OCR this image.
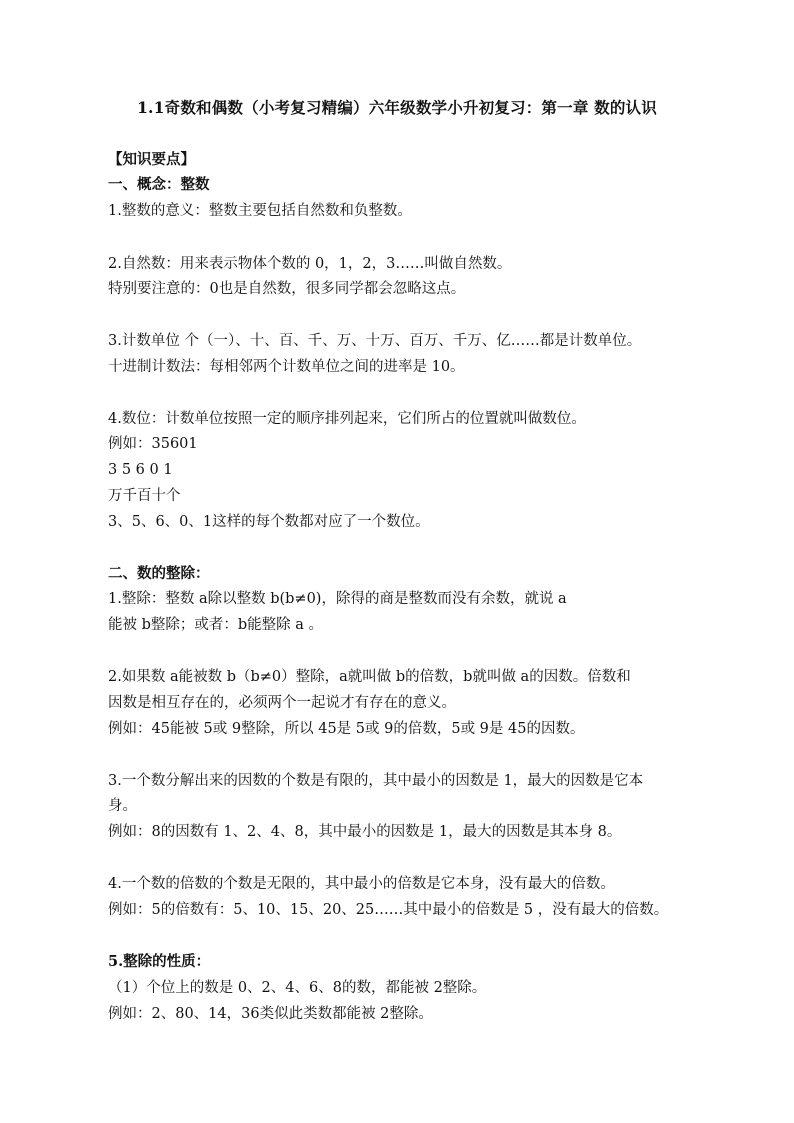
1.1奇数和偶数（小考复习精编）六年级数学小升初复习：第一章 数的认识
【知识要点】
一、概念：整数
1.整数的意义：整数主要包括自然数和负整数。
2.自然数：用来表示物体个数的 0，1，2，3……叫做自然数。
特别要注意的：0也是自然数，很多同学都会忽略这点。
3.计数单位 个（一）、十、百、千、万、十万、百万、千万、亿……都是计数单位。
十进制计数法：每相邻两个计数单位之间的进率是 10。
4.数位：计数单位按照一定的顺序排列起来，它们所占的位置就叫做数位。
例如：35601
3 5 6 0 1
万千百十个
3、5、6、0、1这样的每个数都对应了一个数位。
二、数的整除：
1.整除：整数 a除以整数 b(b≠0)，除得的商是整数而没有余数，就说 a
能被 b整除；或者：b能整除 a 。
2.如果数 a能被数 b（b≠0）整除，a就叫做 b的倍数，b就叫做 a的因数。倍数和
因数是相互存在的，必须两个一起说才有存在的意义。
例如：45能被 5或 9整除，所以 45是 5或 9的倍数，5或 9是 45的因数。
3.一个数分解出来的因数的个数是有限的，其中最小的因数是 1，最大的因数是它本
身。
例如：8的因数有 1、2、4、8，其中最小的因数是 1，最大的因数是其本身 8。
4.一个数的倍数的个数是无限的，其中最小的倍数是它本身，没有最大的倍数。
例如：5的倍数有：5、10、15、20、25……其中最小的倍数是 5 ，没有最大的倍数。
5.整除的性质：
（1）个位上的数是 0、2、4、6、8的数，都能被 2整除。
例如：2、80、14，36类似此类数都能被 2整除。
